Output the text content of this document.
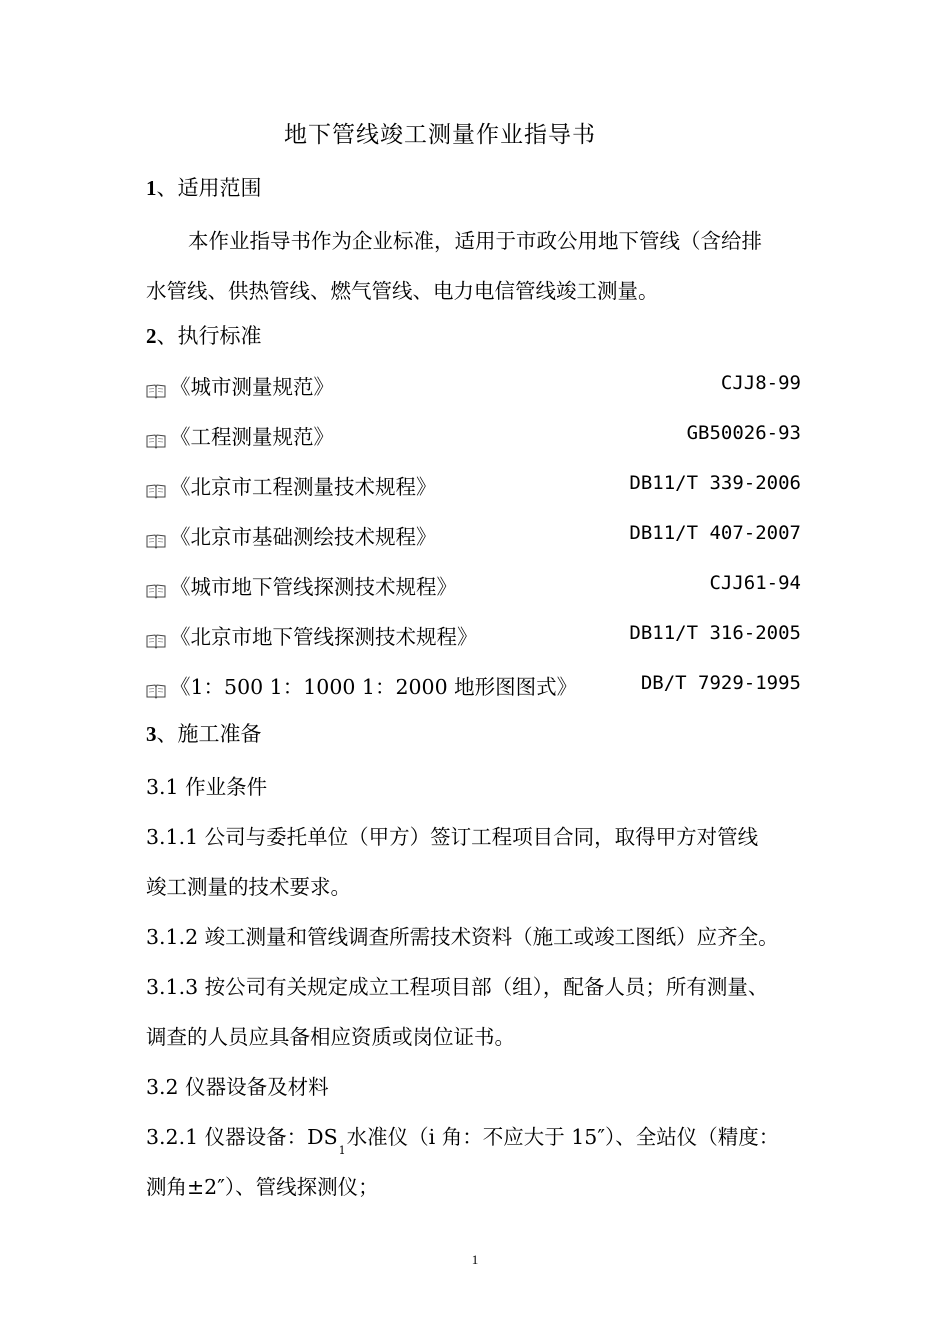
地下管线竣工测量作业指导书
1、适用范围
本作业指导书作为企业标准，适用于市政公用地下管线（含给排
水管线、供热管线、燃气管线、电力电信管线竣工测量。
2、执行标准
《城市测量规范》	CJJ8-99
《工程测量规范》	GB50026-93
《北京市工程测量技术规程》	DB11/T 339-2006
《北京市基础测绘技术规程》	DB11/T 407-2007
《城市地下管线探测技术规程》	CJJ61-94
《北京市地下管线探测技术规程》	DB11/T 316-2005
《1：500 1：1000 1：2000 地形图图式》	DB/T 7929-1995
3、施工准备
3.1 作业条件
3.1.1 公司与委托单位（甲方）签订工程项目合同，取得甲方对管线
竣工测量的技术要求。
3.1.2 竣工测量和管线调查所需技术资料（施工或竣工图纸）应齐全。
3.1.3 按公司有关规定成立工程项目部（组），配备人员；所有测量、
调查的人员应具备相应资质或岗位证书。
3.2 仪器设备及材料
3.2.1 仪器设备：$DS_1$水准仪（i 角：不应大于 15″）、全站仪（精度：
测角±2″）、管线探测仪；
1
